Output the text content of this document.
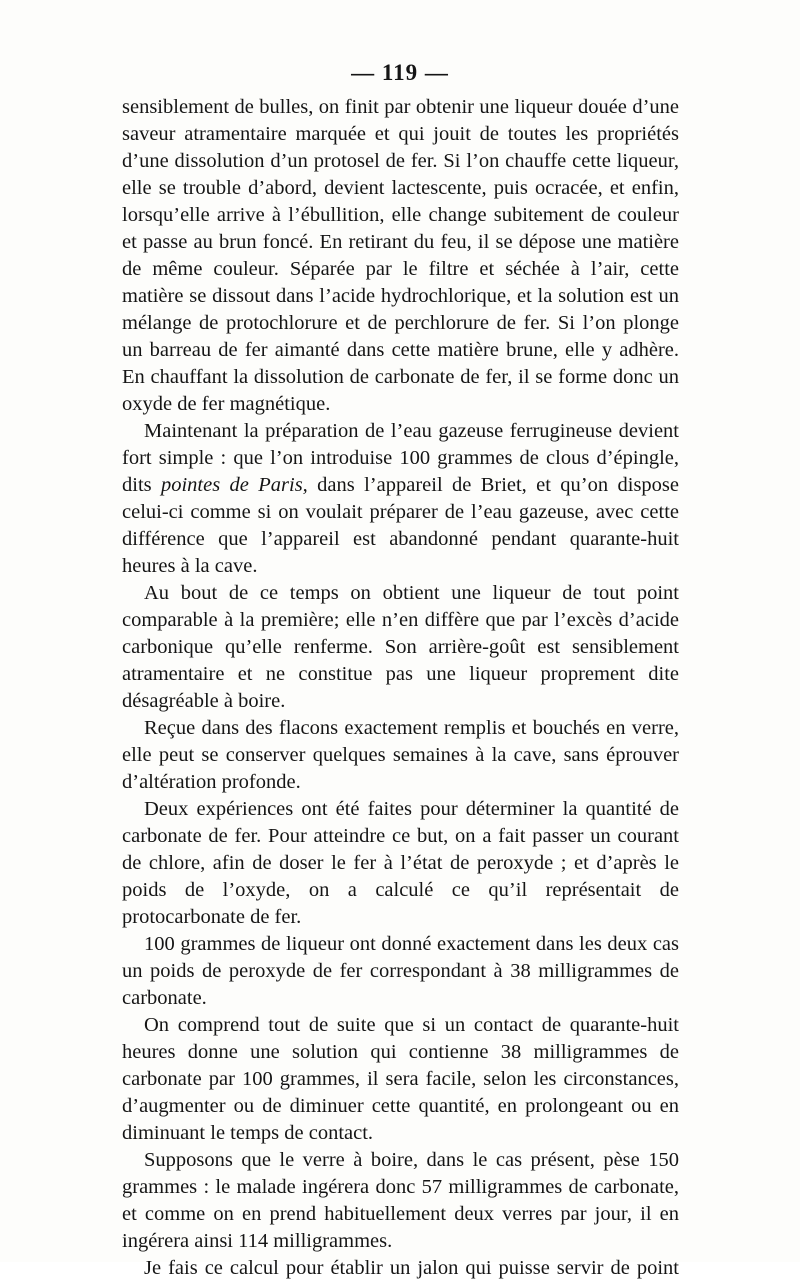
— 119 —

sensiblement de bulles, on finit par obtenir une liqueur douée d’une saveur atramentaire marquée et qui jouit de toutes les propriétés d’une dissolution d’un protosel de fer. Si l’on chauffe cette liqueur, elle se trouble d’abord, devient lactescente, puis ocracée, et enfin, lorsqu’elle arrive à l’ébullition, elle change subitement de couleur et passe au brun foncé. En retirant du feu, il se dépose une matière de même couleur. Séparée par le filtre et séchée à l’air, cette matière se dissout dans l’acide hydrochlorique, et la solution est un mélange de protochlorure et de perchlorure de fer. Si l’on plonge un barreau de fer aimanté dans cette matière brune, elle y adhère. En chauffant la dissolution de carbonate de fer, il se forme donc un oxyde de fer magnétique.

Maintenant la préparation de l’eau gazeuse ferrugineuse devient fort simple : que l’on introduise 100 grammes de clous d’épingle, dits pointes de Paris, dans l’appareil de Briet, et qu’on dispose celui-ci comme si on voulait préparer de l’eau gazeuse, avec cette différence que l’appareil est abandonné pendant quarante-huit heures à la cave.

Au bout de ce temps on obtient une liqueur de tout point comparable à la première; elle n’en diffère que par l’excès d’acide carbonique qu’elle renferme. Son arrière-goût est sensiblement atramentaire et ne constitue pas une liqueur proprement dite désagréable à boire.

Reçue dans des flacons exactement remplis et bouchés en verre, elle peut se conserver quelques semaines à la cave, sans éprouver d’altération profonde.

Deux expériences ont été faites pour déterminer la quantité de carbonate de fer. Pour atteindre ce but, on a fait passer un courant de chlore, afin de doser le fer à l’état de peroxyde ; et d’après le poids de l’oxyde, on a calculé ce qu’il représentait de protocarbonate de fer.

100 grammes de liqueur ont donné exactement dans les deux cas un poids de peroxyde de fer correspondant à 38 milligrammes de carbonate.

On comprend tout de suite que si un contact de quarante-huit heures donne une solution qui contienne 38 milligrammes de carbonate par 100 grammes, il sera facile, selon les circonstances, d’augmenter ou de diminuer cette quantité, en prolongeant ou en diminuant le temps de contact.

Supposons que le verre à boire, dans le cas présent, pèse 150 grammes : le malade ingérera donc 57 milligrammes de carbonate, et comme on en prend habituellement deux verres par jour, il en ingérera ainsi 114 milligrammes.

Je fais ce calcul pour établir un jalon qui puisse servir de point
